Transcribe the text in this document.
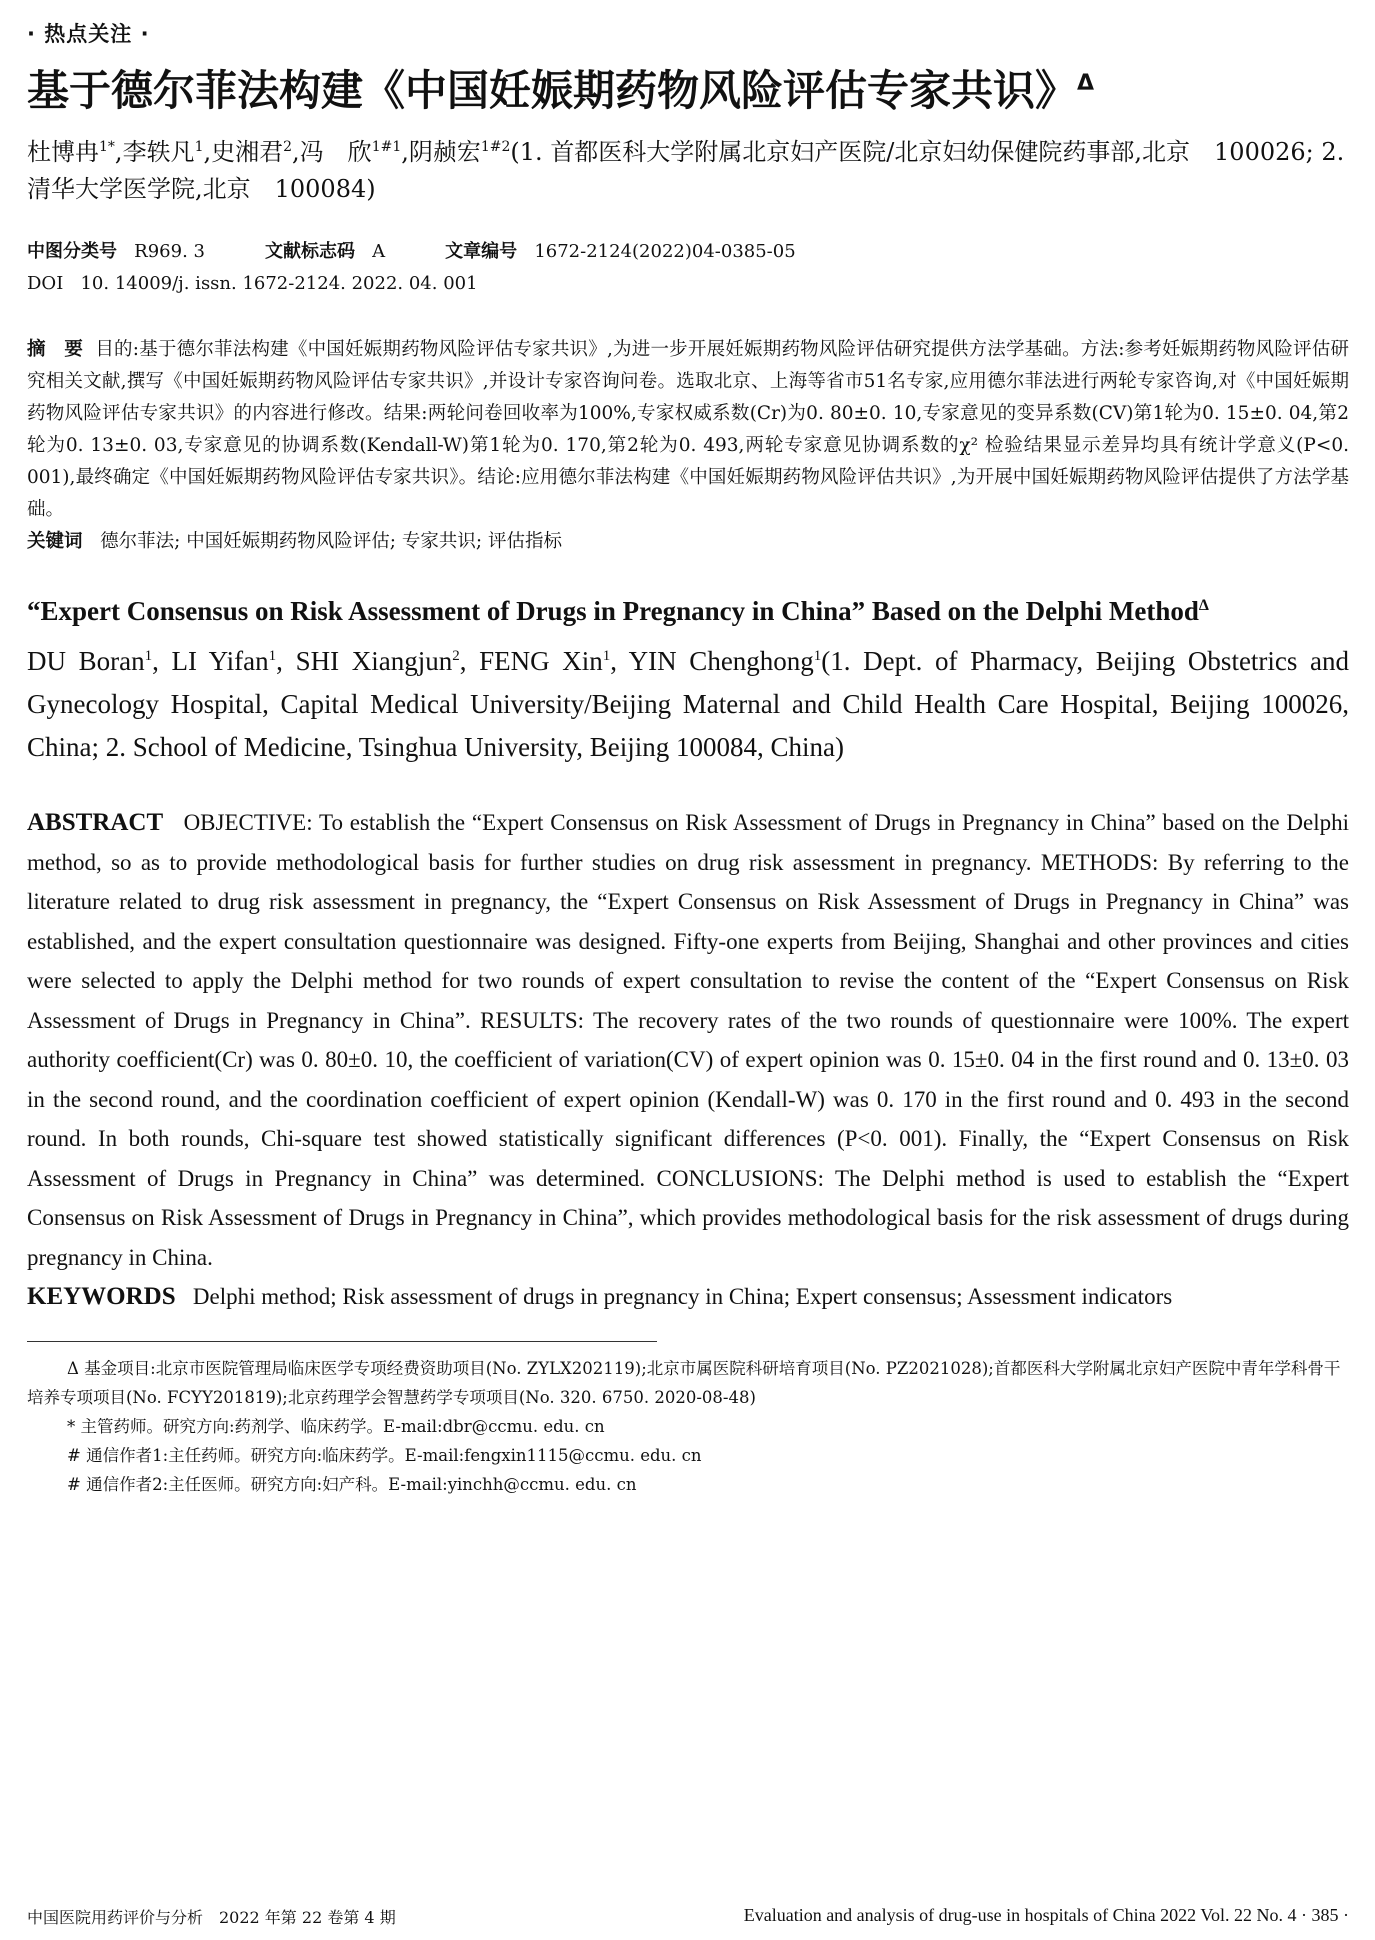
· 热点关注 ·
基于德尔菲法构建《中国妊娠期药物风险评估专家共识》$^\Delta$
杜博冉$^{1*}$,李轶凡$^1$,史湘君$^2$,冯　欣$^{1\#1}$,阴赪宏$^{1\#2}$(1. 首都医科大学附属北京妇产医院/北京妇幼保健院药事部,北京　100026; 2. 清华大学医学院,北京　100084)
中图分类号 R969. 3	文献标志码 A	文章编号 1672-2124(2022)04-0385-05
DOI 10. 14009/j. issn. 1672-2124. 2022. 04. 001
摘　要 目的:基于德尔菲法构建《中国妊娠期药物风险评估专家共识》,为进一步开展妊娠期药物风险评估研究提供方法学基础。方法:参考妊娠期药物风险评估研究相关文献,撰写《中国妊娠期药物风险评估专家共识》,并设计专家咨询问卷。选取北京、上海等省市51名专家,应用德尔菲法进行两轮专家咨询,对《中国妊娠期药物风险评估专家共识》的内容进行修改。结果:两轮问卷回收率为100%,专家权威系数(Cr)为0. 80±0. 10,专家意见的变异系数(CV)第1轮为0. 15±0. 04,第2轮为0. 13±0. 03,专家意见的协调系数(Kendall-W)第1轮为0. 170,第2轮为0. 493,两轮专家意见协调系数的χ² 检验结果显示差异均具有统计学意义(P<0. 001),最终确定《中国妊娠期药物风险评估专家共识》。结论:应用德尔菲法构建《中国妊娠期药物风险评估共识》,为开展中国妊娠期药物风险评估提供了方法学基础。
关键词 德尔菲法; 中国妊娠期药物风险评估; 专家共识; 评估指标
“Expert Consensus on Risk Assessment of Drugs in Pregnancy in China” Based on the Delphi Method$^\Delta$
DU Boran$^1$, LI Yifan$^1$, SHI Xiangjun$^2$, FENG Xin$^1$, YIN Chenghong$^1$(1. Dept. of Pharmacy, Beijing Obstetrics and Gynecology Hospital, Capital Medical University/Beijing Maternal and Child Health Care Hospital, Beijing 100026, China; 2. School of Medicine, Tsinghua University, Beijing 100084, China)
ABSTRACT OBJECTIVE: To establish the “Expert Consensus on Risk Assessment of Drugs in Pregnancy in China” based on the Delphi method, so as to provide methodological basis for further studies on drug risk assessment in pregnancy. METHODS: By referring to the literature related to drug risk assessment in pregnancy, the “Expert Consensus on Risk Assessment of Drugs in Pregnancy in China” was established, and the expert consultation questionnaire was designed. Fifty-one experts from Beijing, Shanghai and other provinces and cities were selected to apply the Delphi method for two rounds of expert consultation to revise the content of the “Expert Consensus on Risk Assessment of Drugs in Pregnancy in China”. RESULTS: The recovery rates of the two rounds of questionnaire were 100%. The expert authority coefficient(Cr) was 0. 80±0. 10, the coefficient of variation(CV) of expert opinion was 0. 15±0. 04 in the first round and 0. 13±0. 03 in the second round, and the coordination coefficient of expert opinion (Kendall-W) was 0. 170 in the first round and 0. 493 in the second round. In both rounds, Chi-square test showed statistically significant differences (P<0. 001). Finally, the “Expert Consensus on Risk Assessment of Drugs in Pregnancy in China” was determined. CONCLUSIONS: The Delphi method is used to establish the “Expert Consensus on Risk Assessment of Drugs in Pregnancy in China”, which provides methodological basis for the risk assessment of drugs during pregnancy in China.
KEYWORDS Delphi method; Risk assessment of drugs in pregnancy in China; Expert consensus; Assessment indicators

Δ 基金项目:北京市医院管理局临床医学专项经费资助项目(No. ZYLX202119);北京市属医院科研培育项目(No. PZ2021028);首都医科大学附属北京妇产医院中青年学科骨干培养专项项目(No. FCYY201819);北京药理学会智慧药学专项项目(No. 320. 6750. 2020-08-48)

* 主管药师。研究方向:药剂学、临床药学。E-mail:dbr@ccmu. edu. cn

# 通信作者1:主任药师。研究方向:临床药学。E-mail:fengxin1115@ccmu. edu. cn

# 通信作者2:主任医师。研究方向:妇产科。E-mail:yinchh@ccmu. edu. cn

中国医院用药评价与分析　2022 年第 22 卷第 4 期	Evaluation and analysis of drug-use in hospitals of China 2022 Vol. 22 No. 4 · 385 ·
